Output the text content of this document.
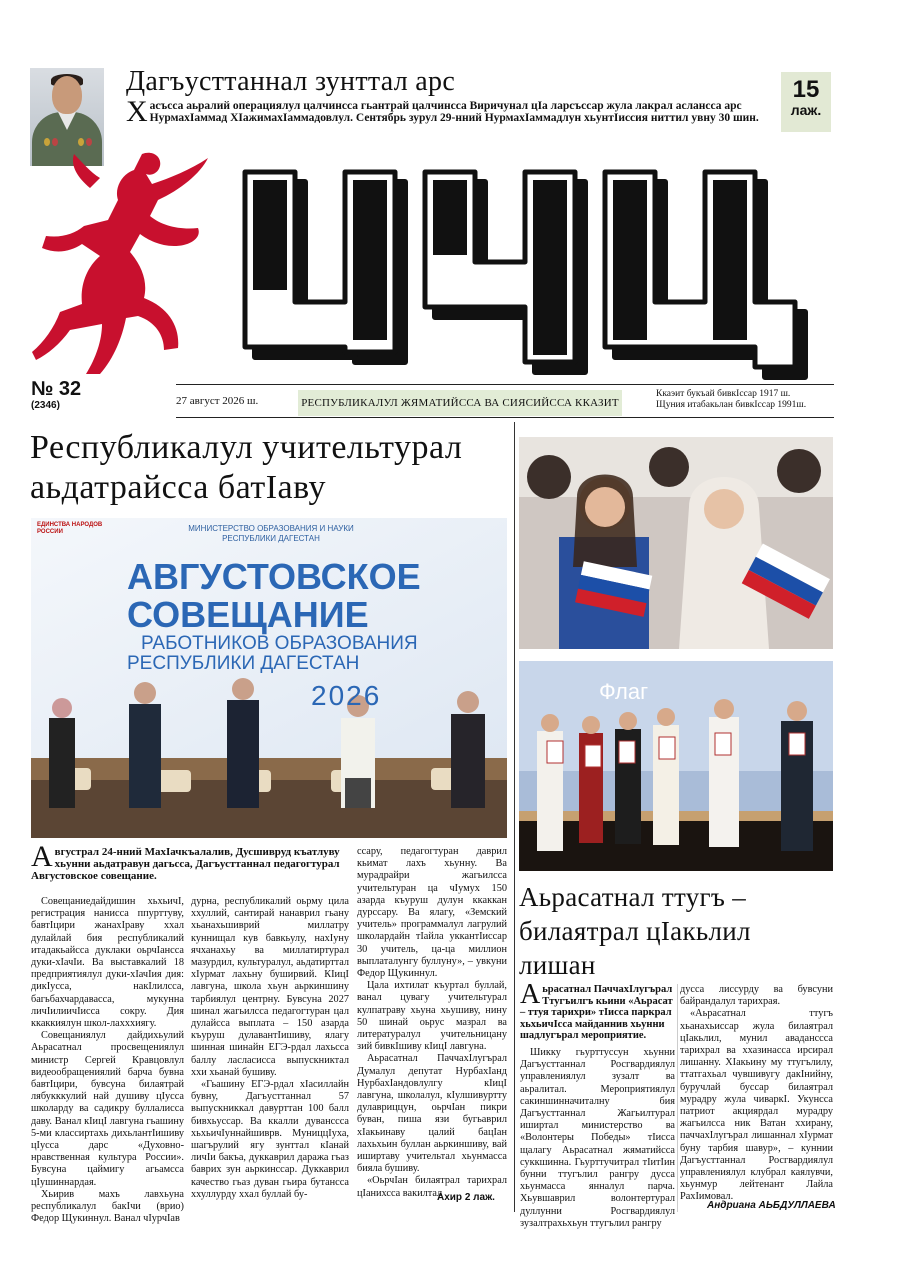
Дагъусттаннал зунттал арс
Хасъсса аьралий операциялул цалчинсса гьантрай цалчинсса Виричунал цIа ларсъссар жула лакрал аслансса арс НурмахIаммад ХIажимахIаммадовлул. Сентябрь зурул 29-нний НурмахIаммадлун хьунтIиссия ниттил увну 30 шин.
15
лаж.
№ 32
(2346)	27 август 2026 ш.	РЕСПУБЛИКАЛУЛ ЖЯМАТИЙССА ВА СИЯСИЙССА ККАЗИТ
Ккаэит букъай бивкIссар 1917 ш.
Щуния итабакьлан бивкIссар 1991ш.
Республикалул учительтурал аьдатрайсса батIаву
ЕДИНСТВА НАРОДОВ РОССИИ	МИНИСТЕРСТВО ОБРАЗОВАНИЯ И НАУКИ РЕСПУБЛИКИ ДАГЕСТАН
АВГУСТОВСКОЕ
СОВЕЩАНИЕ
РАБОТНИКОВ ОБРАЗОВАНИЯ
РЕСПУБЛИКИ ДАГЕСТАН
2026
Августрал 24-нний МахIачкъалалив, Дусшивруд къатлуву хьунни аьдатравун дагьсса, Дагъусттаннал педагогтурал Августовское совещание.

Совещаниедайдишин хьхьичI, регистрация нанисса ппурттуву, бавтIцири жанахIраву ххал дулайлай бия республикалий итадакьайсса дуклаки оьрчIансса дуки-хIачIи. Ва выставкалий 18 предприятиялул дуки-хIачIия дия: дикIусса, накIлилсса, багьбахчардавасса, мукунна личIилиичIисса сокру. Дия ккаккиялун школ-лахххиягу.

Совещаниялул дайдихьулий Аьрасатнал просвещениялул министр Сергей Кравцовлул видеообращениялий барча бувна бавтIцири, бувсуна билаятрай лябукккулий най душиву цIусса школарду ва садикру буллалисса даву. Ванал кIицI лавгуна гьашину 5-ми классиртахь дихьлантIишиву цIусса дарс «Духовно-нравственная культура России». Бувсуна цаймигу агьамсса цIушиннардая.

Хьирив махъ лавхьуна республикалул бакIчи (врио) Федор Щукиннул. Ванал чIурчIав

дурна, республикалий оьрму цила ххуллий, сантирай нанаврил гьану хьанахьшиврий миллатру куннищал кув бавкьулу, нахIуну ячханахьу ва миллатиртурал мазурдил, культуралул, аьдатирттал хIурмат лахьну буширвий. КIицI лавгуна, школа хьун аьркиншину тарбиялул центрну. Бувсуна 2027 шинал жагьилсса педагогтуран цал дулайсса выплата – 150 азарда къуруш дулавантIишиву, ялагу шинная шинайн ЕГЭ-рдал лахьсса баллу ласласисса выпускниктал ххи хьанай бушиву.

«Гьашину ЕГЭ-рдал хIасиллайн бувну, Дагъусттаннал 57 выпускниккал давурттан 100 балл бивхьуссар. Ва ккалли дуванссса хьхьичIуннайшиврв. МуниццIуха, шагърулий ягу зунттал кIанай личIи бакъа, дуккаврил даража гьаз баврих зун аьркинссар. Дуккаврил качество гьаз дуван гьира бутансса ххуллурду ххал буллай бу-

ссару, педагогтуран даврил кьимат лахъ хьунну. Ва мурадрайри жагьилсса учительтуран ца чIумух 150 азарда къуруш дулун ккаккан дурссару. Ва ялагу, «Земский учитель» программалул лагрулий школардайн тIайла уккантIиссар 30 учитель, ца-ца миллион выплаталунгу буллуну», – увкуни Федор Щукиннул.

Цала ихтилат къуртал буллай, ванал цувагу учительтурал кулпатраву хьуна хьушиву, нину 50 шинай оьрус мазрал ва литературалул учительницану зий бивкIшиву кIицI лавгуна.

Аьрасатнал ПаччахIлугърал Думалул депутат НурбахIанд НурбахIандовлулгу кIицI лавгуна, школалул, кIулшивуртту дулавриццун, оьрчIан пикри буван, пиша язи бугьаврил хIакьинаву цалий бацIан лахьхьин буллан аьркиншиву, вай иширтаву учительтал хьунмасса бияла бушиву.

«ОьрчIан билаятрал тарихрал цIанихсса вакилтал

Ахир 2 лаж.
Флаг
Аьрасатнал ттугъ – билаятрал цIакьлил лишан
Аьрасатнал ПаччахIлугърал Ттугъилгъ кьини «Аьрасат – ттуя тарихри» тIисса паркрал хьхьичIсса майданнив хьунни шадлугърал мероприятие.

Шикку гьурттуссун хьунни Дагъусттаннал Росгвардиялул управлениялул зузалт ва аьралитал. Мероприятиялул сакиншинначиталну бия Дагъусттаннал Жагьилтурал иширтал министерство ва «Волонтеры Победы» тIисса щалагу Аьрасатнал жяматийсса суккшинна. Гьурттучитрал тIитIин бунни ттугълил рангру дусса хьунмасса янналул парча. Хьувшаврил волонтертурал дуллунни Росгвардиялул зузалтрахьхьун ттугълил рангру

дусса лиссурду ва бувсуни байрандалул тарихрая.

«Аьрасатнал ттугъ хьанахьиссар жула билаятрал цIакьлил, мунил аваданссса тарихрал ва ххазинасса ирсирал лишанну. ХIакьину му ттугълилу, ттатгахьал чувшивугу дакIнийну, буручлай буссар билаятрал мурадру жула чиваркI. Укунсса патриот акциярдал мурадру жагьилсса ник Ватан ххирану, паччахIлугърал лишаннал хIурмат буну тарбия шавур», – куннии Дагъусттаннал Росгвардиялул управлениялул клубрал каялувчи, хьунмур лейтенант Лайла РахIимовал.

Андриана АЬБДУЛЛАЕВА
